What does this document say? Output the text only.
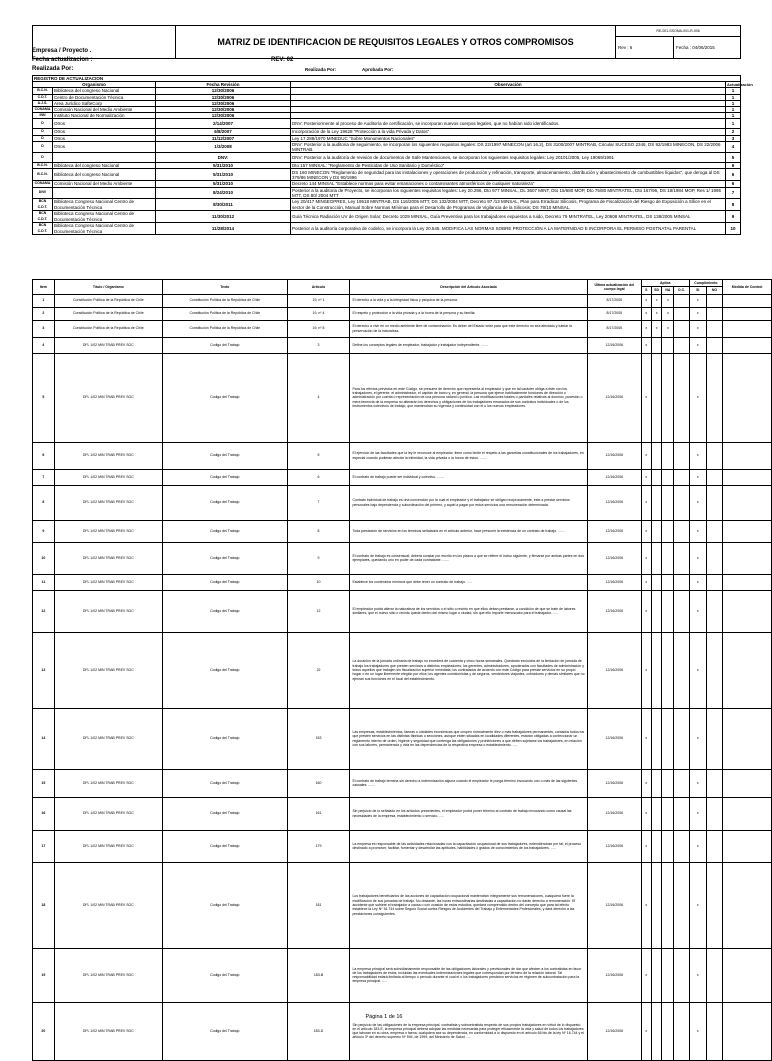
	MATRIZ DE IDENTIFICACION DE REQUISITOS LEGALES Y OTROS COMPROMISOS	RE-001-SSOMA-001-R-006	
		Rev : 6	Fecha : 04/06/2015
Empresa / Proyecto .
Fecha actualizacion :	REV: 02
Realizada Por:	Realizada Por:	Aprobada Por:
REGISTRO DE ACTUALIZACION				
Organismo		Fecha Revisión	Observación	Actualización
B.C.N.	Biblioteca del congreso Nacional	12/30/2006		1
C.D.T.	Centro de Documentación Técnica	12/30/2006		1
A.J.S.	Area Jurídico SafteCorp	12/30/2006		1
CONAMA	Comisión Nacional del Medio Ambiente	12/30/2006		1
INN	Instituto Nacional de Normalización	12/30/2006		1
D	Otros	2/14/2007	DNV: Posteriormente al proceso de Auditoría de certificación, se incorporan nuevos cuerpos legales, que no habían sido identificados.	1
D	Otros	6/8/2007	Incorporación de la Ley 19628 "Protección a la vida Privada y Datos"	2
D	Otros	11/12/2007	Ley 17.288/1970 MINEDUC "Sobre Monumentos Nacionales"	3
D	Otros	1/3/2008	DNV: Posterior a la auditoria de seguimiento, se incorporan los siguientes requisitos legales: DS 22/1997 MINECON (art 16,2), DS 3100/2007 MINTRAB, Circular SUCESO 2346, DS 92/1983 MINECON, DS 22/2006 MINTRAB.	4
D		DNV:	DNV: Posterior a la auditoría de revisión de documentos de Safe Mantenciones, se incorporan los siguientes requisitos legales: Ley 20101/2005, Ley 19069/1991	5
B.C.N.	Biblioteca del congreso Nacional	5/31/2010	Dto 157 MINSAL: "Reglamento de Pesticidas de Uso Sanitario y Doméstico"	6
B.C.N.	Biblioteca del congreso Nacional	5/31/2010	DS 160 MINECON "Reglamento de seguridad para las instalaciones y operaciones de producción y refinación, transporte, almacenamiento, distribución y abastecimiento de combustibles líquidos", que deroga al DS 379/86 MINECON y DS 90/1996	6
CONAMA	Comisión Nacional del Medio Ambiente	5/31/2010	Decreto 144 MINSAL "Establece normas para evitar emanaciones o contaminantes atmosféricos de cualquier naturaleza"	6
DNV		8/24/2010	Posterior a la auditoria de Proyecto, se incorporan los siguientes requisitos legales: Ley 20.296, Dto 977 MINSAL, DL 3607 MINT, Dto 15/680 MOP, Dto 75/80 MINTRATEL, Dto 167/96, DS 18/1984 MOP, Res 1/ 1995 MTT, DS 80/ 2004 MTT	7
BCN C.D.T.	Biblioteca Congreso Nacional Centro de Documentación Técnica	8/30/2011	Ley 20/417 MINSEGPRES, Ley 19518 MINTRAB, DS 116/2005 MTT, DS 132/2004 MTT, Decreto 97 /13 MINSAL, Plan para Erradicar Silicosis, Programa de Fiscalización del Riesgo de Exposición a Sílice en el sector de la Construcción, Manual Sobre Normas Mínimas para el Desarrollo de Programas de Vigilancia de la Silicosis; DS 78/10 MINSAL.	8
BCN C.D.T.	Biblioteca Congreso Nacional Centro de Documentación Técnica	11/30/2012	Guía Técnica Radiación UV de Origen Solar; Decreto 1029 MINSAL, Guía Preventiva para los trabajadores expuestos a ruido, Decreto 79 MINTRATEL, Ley 20608 MINTRATEL, DS 138/2005 MINSAL	9
BCN C.D.T.	Biblioteca Congreso Nacional Centro de Documentación Técnica	11/28/2014	Posterior a la auditoría corporativa de codelco, se incorpora la Ley 20.545. MODIFICA LAS NORMAS SOBRE PROTECCIÓN A LA MATERNIDAD E INCORPORA EL PERMISO POSTNATAL PARENTAL	10
Item	Título / Organismo	Texto	Artículo	Descripción del Artículo Asociado	Última actualización del cuerpo legal	Aplica				Cumplimiento		Medida de Control
						S	SD	NA	O.C.	SI	NO	
1	Constitución Política de la República de Chile	Constitución Política de la República de Chile	19, nº 1	El derecho a la vida y a la integridad física y psíquica de la persona.	8/17/2005	x	x	x		x		
2	Constitución Política de la República de Chile	Constitución Política de la República de Chile	19, nº 4	El respeto y protección a la vida privada y a la honra de la persona y su familia.	8/17/2005	x	x	x		x		
3	Constitución Política de la República de Chile	Constitución Política de la República de Chile	19, nº 8	El derecho a vivir en un medio ambiente libre de contaminación. Es deber del Estado velar para que este derecho no sea afectado y tutelar la preservación de la naturaleza.	8/17/2005	x	x	x		x		
4	DFL 1/02 MIN TRAB PREV SOC	Codigo del Trabajo	3	Define los conceptos legales de empleador, trabajador y trabajador independiente. .......	12/16/2006	x				x		
5	DFL 1/02 MIN TRAB PREV SOC	Codigo del Trabajo	4	Para los efectos previstos en este Código, se presume de derecho que representa al empleador y que en tal carácter obliga a éste con los trabajadores, el gerente, el administrador, el capitán de barco y, en general, la persona que ejerce habitualmente funciones de dirección o administración por cuenta o representación de una persona natural o jurídica. Las modificaciones totales o parciales relativas al dominio, posesión o mera tenencia de la empresa no alterarán los derechos y obligaciones de los trabajadores emanados de sus contratos individuales o de los instrumentos colectivos de trabajo, que mantendrán su vigencia y continuidad con el o los nuevos empleadores.	12/16/2006	x				x		
6	DFL 1/02 MIN TRAB PREV SOC	Codigo del Trabajo	5	El ejercicio de las facultades que la ley le reconoce al empleador, tiene como límite el respeto a las garantías constitucionales de los trabajadores, en especial cuando pudieran afectar la intimidad, la vida privada o la honra de éstos. .......	12/16/2006	x				x		
7	DFL 1/02 MIN TRAB PREV SOC	Codigo del Trabajo	6	El contrato de trabajo puede ser individual y colectivo. .......	12/16/2006	x				x		
8	DFL 1/02 MIN TRAB PREV SOC	Codigo del Trabajo	7	Contrato individual de trabajo es una convención por la cual el empleador y el trabajador se obligan recíprocamente, éste a prestar servicios personales bajo dependencia y subordinación del primero, y aquél a pagar por estos servicios una remuneración determinada.	12/16/2006	x				x		
9	DFL 1/02 MIN TRAB PREV SOC	Codigo del Trabajo	8	Toda prestación de servicios en los términos señalados en el artículo anterior, hace presumir la existencia de un contrato de trabajo. .......	12/16/2006	x				x		
10	DFL 1/02 MIN TRAB PREV SOC	Codigo del Trabajo	9	El contrato de trabajo es consensual; deberá constar por escrito en los plazos a que se refiere el inciso siguiente, y firmarse por ambas partes en dos ejemplares, quedando uno en poder de cada contratante. .......	12/16/2006	x				x		
11	DFL 1/02 MIN TRAB PREV SOC	Codigo del Trabajo	10	Establece los contenidos mínimos que debe tener un contrato de trabajo. .....	12/16/2006	x				x		
12	DFL 1/02 MIN TRAB PREV SOC	Codigo del Trabajo	12	El empleador podrá alterar la naturaleza de los servicios o el sitio o recinto en que ellos deban prestarse, a condición de que se trate de labores similares, que el nuevo sitio o recinto quede dentro del mismo lugar o ciudad, sin que ello importe menoscabo para el trabajador. .....	12/16/2006	x				x		
13	DFL 1/02 MIN TRAB PREV SOC	Codigo del Trabajo	22	La duración de la jornada ordinaria de trabajo no excederá de cuarenta y cinco horas semanales. Quedarán excluidos de la limitación de jornada de trabajo los trabajadores que presten servicios a distintos empleadores; los gerentes, administradores, apoderados con facultades de administración y todos aquellos que trabajen sin fiscalización superior inmediata; los contratados de acuerdo con este Código para prestar servicios en su propio hogar o en un lugar libremente elegido por ellos; los agentes comisionistas y de seguros, vendedores viajantes, cobradores y demás similares que no ejerzan sus funciones en el local del establecimiento.	12/16/2006	x				x		
14	DFL 1/02 MIN TRAB PREV SOC	Codigo del Trabajo	153	Las empresas, establecimientos, faenas o unidades económicas que ocupen normalmente diez o más trabajadores permanentes, contados todos los que presten servicios en las distintas fábricas o secciones, aunque estén situadas en localidades diferentes, estarán obligadas a confeccionar un reglamento interno de orden, higiene y seguridad que contenga las obligaciones y prohibiciones a que deben sujetarse los trabajadores, en relación con sus labores, permanencia y vida en las dependencias de la respectiva empresa o establecimiento. .....	12/16/2006	x				x		
15	DFL 1/02 MIN TRAB PREV SOC	Codigo del Trabajo	160	El contrato de trabajo termina sin derecho a indemnización alguna cuando el empleador le ponga término invocando uno o más de las siguientes causales: .......	12/16/2006	x				x		
16	DFL 1/02 MIN TRAB PREV SOC	Codigo del Trabajo	161	Sin perjuicio de lo señalado en los artículos precedentes, el empleador podrá poner término al contrato de trabajo invocando como causal las necesidades de la empresa, establecimiento o servicio. .....	12/16/2006	x				x		
17	DFL 1/02 MIN TRAB PREV SOC	Codigo del Trabajo	179	La empresa es responsable de las actividades relacionadas con la capacitación ocupacional de sus trabajadores, entendiéndose por tal, el proceso destinado a promover, facilitar, fomentar y desarrollar las aptitudes, habilidades o grados de conocimientos de los trabajadores. .....	12/16/2006	x				x		
18	DFL 1/02 MIN TRAB PREV SOC	Codigo del Trabajo	181	Los trabajadores beneficiarios de las acciones de capacitación ocupacional mantendrán íntegramente sus remuneraciones, cualquiera fuere la modificación de sus jornadas de trabajo. No obstante, las horas extraordinarias destinadas a capacitación no darán derecho a remuneración. El accidente que sufriere el trabajador a causa o con ocasión de estos estudios, quedará comprendido dentro del concepto que para tal efecto establece la Ley Nº 16.744 sobre Seguro Social contra Riesgos de Accidentes del Trabajo y Enfermedades Profesionales, y dará derecho a las prestaciones consiguientes.	12/16/2006	x				x		
19	DFL 1/02 MIN TRAB PREV SOC	Codigo del Trabajo	183-B	La empresa principal será subsidiariamente responsable de las obligaciones laborales y previsionales de dar que afecten a los contratistas en favor de los trabajadores de éstos, incluidas las eventuales indemnizaciones legales que correspondan por término de la relación laboral. Tal responsabilidad estará limitada al tiempo o período durante el cual el o los trabajadores prestaron servicios en régimen de subcontratación para la empresa principal. .....	12/16/2006	x				x		
20	DFL 1/02 MIN TRAB PREV SOC	Codigo del Trabajo	183-D	Sin perjuicio de las obligaciones de la empresa principal, contratista y subcontratista respecto de sus propios trabajadores en virtud de lo dispuesto en el artículo 183-E, la empresa principal deberá adoptar las medidas necesarias para proteger eficazmente la vida y salud de todos los trabajadores que laboran en su obra, empresa o faena, cualquiera sea su dependencia, en conformidad a lo dispuesto en el artículo 66 bis de la ley Nº 16.744 y el artículo 3º del decreto supremo Nº 594, de 1999, del Ministerio de Salud. .....	12/16/2006	x				x		
Página 1 de 16
